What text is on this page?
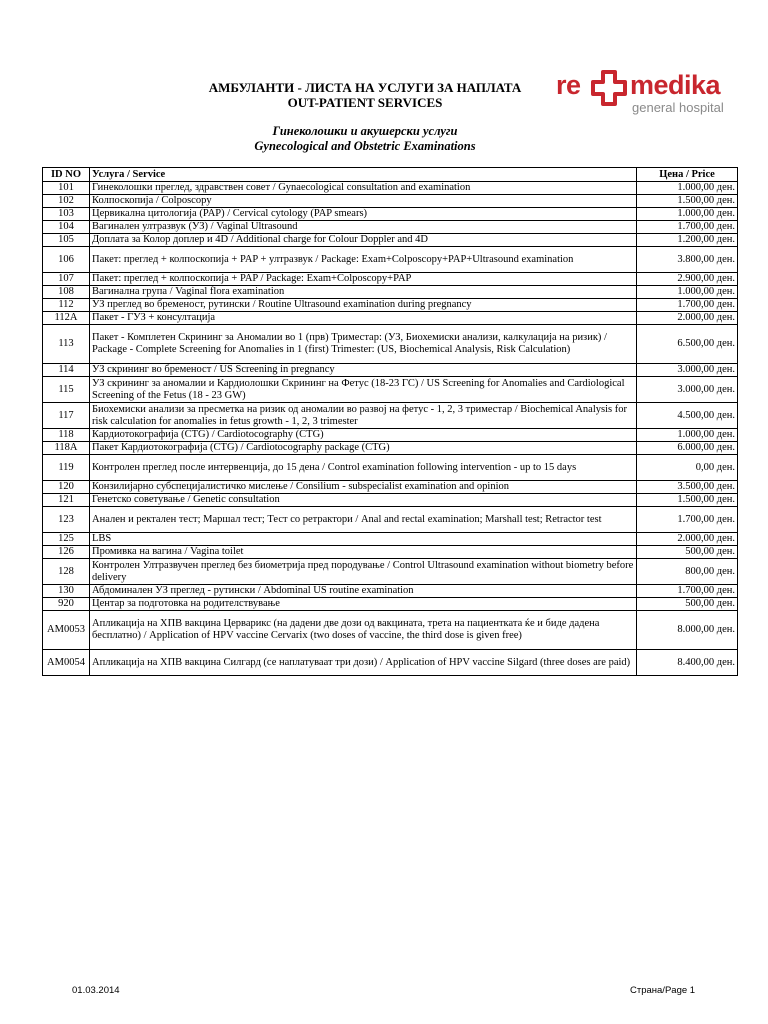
АМБУЛАНТИ - ЛИСТА НА УСЛУГИ ЗА НАПЛАТА
OUT-PATIENT SERVICES
re medika
general hospital
Гинеколошки и акушерски услуги
Gynecological and Obstetric Examinations
ID NO	Услуга / Service	Цена / Price
101	Гинеколошки преглед, здравствен совет / Gynaecological consultation and examination	1.000,00 ден.
102	Колпоскопија / Colposcopy	1.500,00 ден.
103	Цервикална цитологија (PAP) / Cervical cytology (PAP smears)	1.000,00 ден.
104	Вагинален ултразвук (УЗ) / Vaginal Ultrasound	1.700,00 ден.
105	Доплата за Колор доплер и 4D / Additional charge for Colour Doppler and 4D	1.200,00 ден.
106	Пакет: преглед + колпоскопија + PAP + ултразвук / Package: Exam+Colposcopy+PAP+Ultrasound examination	3.800,00 ден.
107	Пакет: преглед + колпоскопија + PAP / Package: Exam+Colposcopy+PAP	2.900,00 ден.
108	Вагинална група / Vaginal flora examination	1.000,00 ден.
112	УЗ преглед во бременост, рутински / Routine Ultrasound examination during pregnancy	1.700,00 ден.
112A	Пакет - ГУЗ + консултација	2.000,00 ден.
113	Пакет - Комплетен Скрининг за Аномалии во 1 (прв) Триместар: (УЗ, Биохемиски анализи, калкулација на ризик) / Package - Complete Screening for Anomalies in 1 (first) Trimester: (US, Biochemical Analysis, Risk Calculation)	6.500,00 ден.
114	УЗ скрининг во бременост / US Screening in pregnancy	3.000,00 ден.
115	УЗ скрининг за аномалии и Кардиолошки Скрининг на Фетус (18-23 ГС) / US Screening for Anomalies and Cardiological Screening of the Fetus (18 - 23 GW)	3.000,00 ден.
117	Биохемиски анализи за пресметка на ризик од аномалии во развој на фетус - 1, 2, 3 триместар / Biochemical Analysis for risk calculation for anomalies in fetus growth - 1, 2, 3 trimester	4.500,00 ден.
118	Кардиотокографија (CTG) / Cardiotocography (CTG)	1.000,00 ден.
118A	Пакет Кардиотокографија (CTG) / Cardiotocography package (CTG)	6.000,00 ден.
119	Контролен преглед после интервенција, до 15 дена / Control examination following intervention - up to 15 days	0,00 ден.
120	Конзилијарно субспецијалистичко мислење / Consilium - subspecialist examination and opinion	3.500,00 ден.
121	Генетско советување / Genetic consultation	1.500,00 ден.
123	Анален и ректален тест; Маршал тест; Тест со ретрактори / Anal and rectal examination; Marshall test; Retractor test	1.700,00 ден.
125	LBS	2.000,00 ден.
126	Промивка на вагина / Vagina toilet	500,00 ден.
128	Контролен Ултразвучен преглед без биометрија пред породување / Control Ultrasound examination without biometry before delivery	800,00 ден.
130	Абдоминален УЗ преглед - рутински / Abdominal US routine examination	1.700,00 ден.
920	Центар за подготовка на родителствување	500,00 ден.
AM0053	Апликација на ХПВ вакцина Церварикс (на дадени две дози од вакцината, трета на пациентката ќе и биде дадена бесплатно) / Application of HPV vaccine Cervarix (two doses of vaccine, the third dose is given free)	8.000,00 ден.
AM0054	Апликација на ХПВ вакцина Силгард (се наплатуваат три дози) / Application of HPV vaccine Silgard (three doses are paid)	8.400,00 ден.
01.03.2014	Страна/Page 1
